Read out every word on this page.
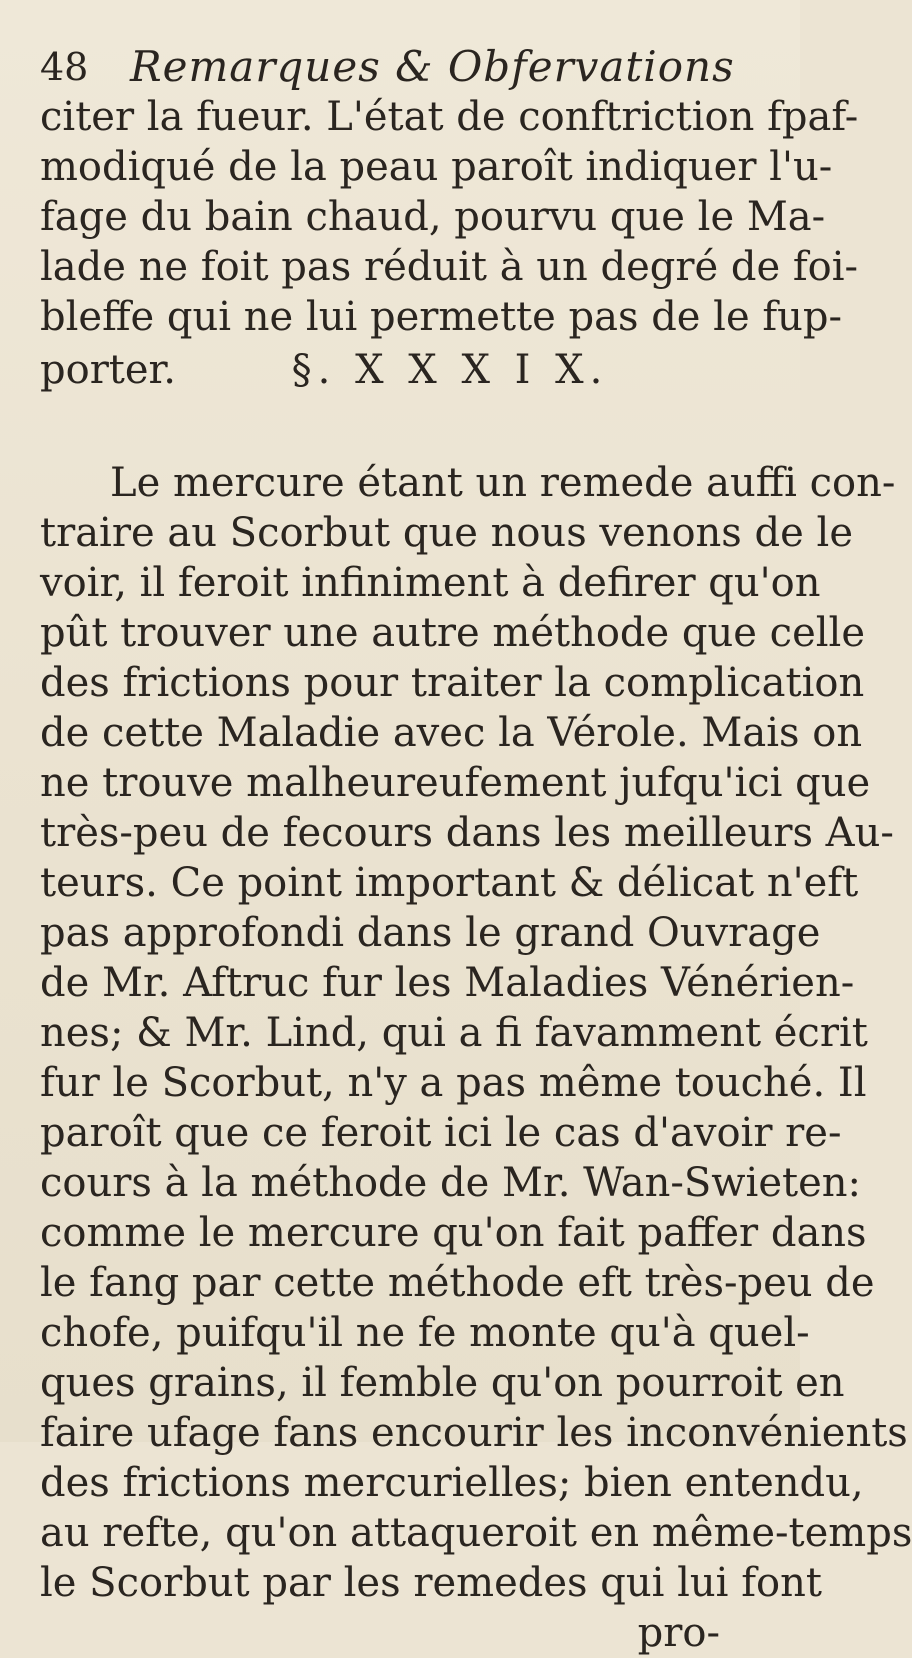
48 Remarques & Obfervations
citer la fueur. L'état de conftriction fpaf-
modiqué de la peau paroît indiquer l'u-
fage du bain chaud, pourvu que le Ma-
lade ne foit pas réduit à un degré de foi-
bleffe qui ne lui permette pas de le fup-
porter.	§. X X X I X.
Le mercure étant un remede auffi con-
traire au Scorbut que nous venons de le
voir, il feroit infiniment à defirer qu'on
pût trouver une autre méthode que celle
des frictions pour traiter la complication
de cette Maladie avec la Vérole. Mais on
ne trouve malheureufement jufqu'ici que
très-peu de fecours dans les meilleurs Au-
teurs. Ce point important & délicat n'eft
pas approfondi dans le grand Ouvrage
de Mr. Aftruc fur les Maladies Vénérien-
nes; & Mr. Lind, qui a fi favamment écrit
fur le Scorbut, n'y a pas même touché. Il
paroît que ce feroit ici le cas d'avoir re-
cours à la méthode de Mr. Wan-Swieten:
comme le mercure qu'on fait paffer dans
le fang par cette méthode eft très-peu de
chofe, puifqu'il ne fe monte qu'à quel-
ques grains, il femble qu'on pourroit en
faire ufage fans encourir les inconvénients
des frictions mercurielles; bien entendu,
au refte, qu'on attaqueroit en même-temps
le Scorbut par les remedes qui lui font
pro-
